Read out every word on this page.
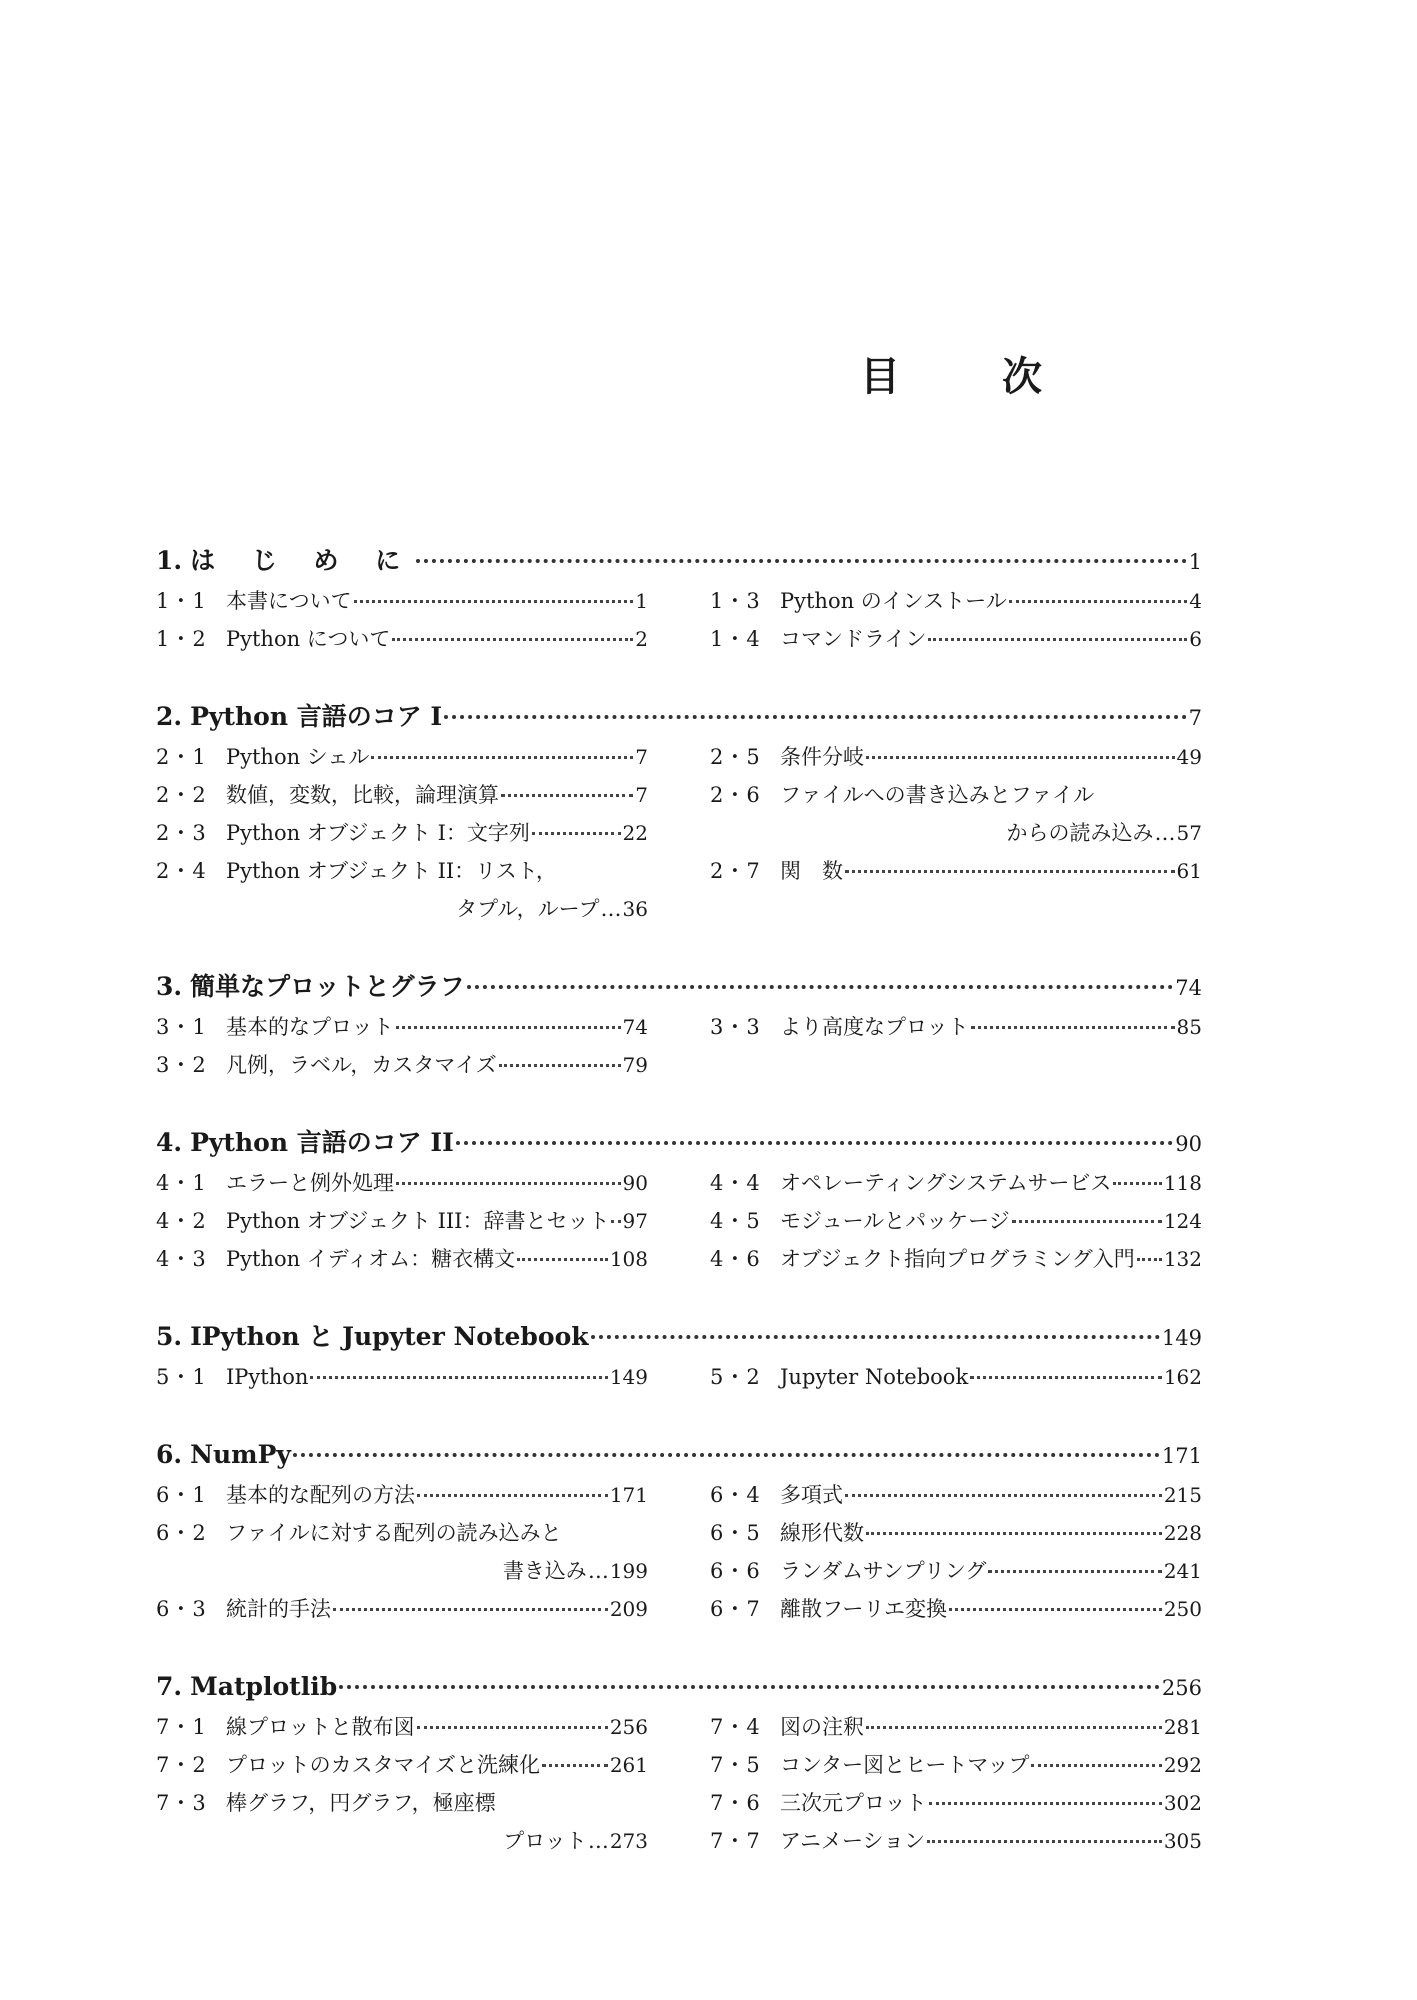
目	次
1. は じ め に	1
1・1 本書について	1
1・2 Python について	2
1・3 Python のインストール	4
1・4 コマンドライン	6
2. Python 言語のコア I	7
2・1 Python シェル	7
2・2 数値，変数，比較，論理演算	7
2・3 Python オブジェクト I：文字列	22
2・4 Python オブジェクト II：リスト，
タプル，ループ … 36
2・5 条件分岐	49
2・6 ファイルへの書き込みとファイル
からの読み込み … 57
2・7 関　数	61
3. 簡単なプロットとグラフ	74
3・1 基本的なプロット	74
3・2 凡例，ラベル，カスタマイズ	79
3・3 より高度なプロット	85
4. Python 言語のコア II	90
4・1 エラーと例外処理	90
4・2 Python オブジェクト III：辞書とセット 97
4・3 Python イディオム：糖衣構文	108
4・4 オペレーティングシステムサービス	118
4・5 モジュールとパッケージ	124
4・6 オブジェクト指向プログラミング入門 132
5. IPython と Jupyter Notebook	149
5・1 IPython	149	5・2 Jupyter Notebook	162
6. NumPy	171
6・1 基本的な配列の方法	171
6・2 ファイルに対する配列の読み込みと
書き込み … 199
6・3 統計的手法	209
6・4 多項式	215
6・5 線形代数	228
6・6 ランダムサンプリング	241
6・7 離散フーリエ変換	250
7. Matplotlib	256
7・1 線プロットと散布図	256
7・2 プロットのカスタマイズと洗練化	261
7・3 棒グラフ，円グラフ，極座標
プロット … 273
7・4 図の注釈	281
7・5 コンター図とヒートマップ	292
7・6 三次元プロット	302
7・7 アニメーション	305
